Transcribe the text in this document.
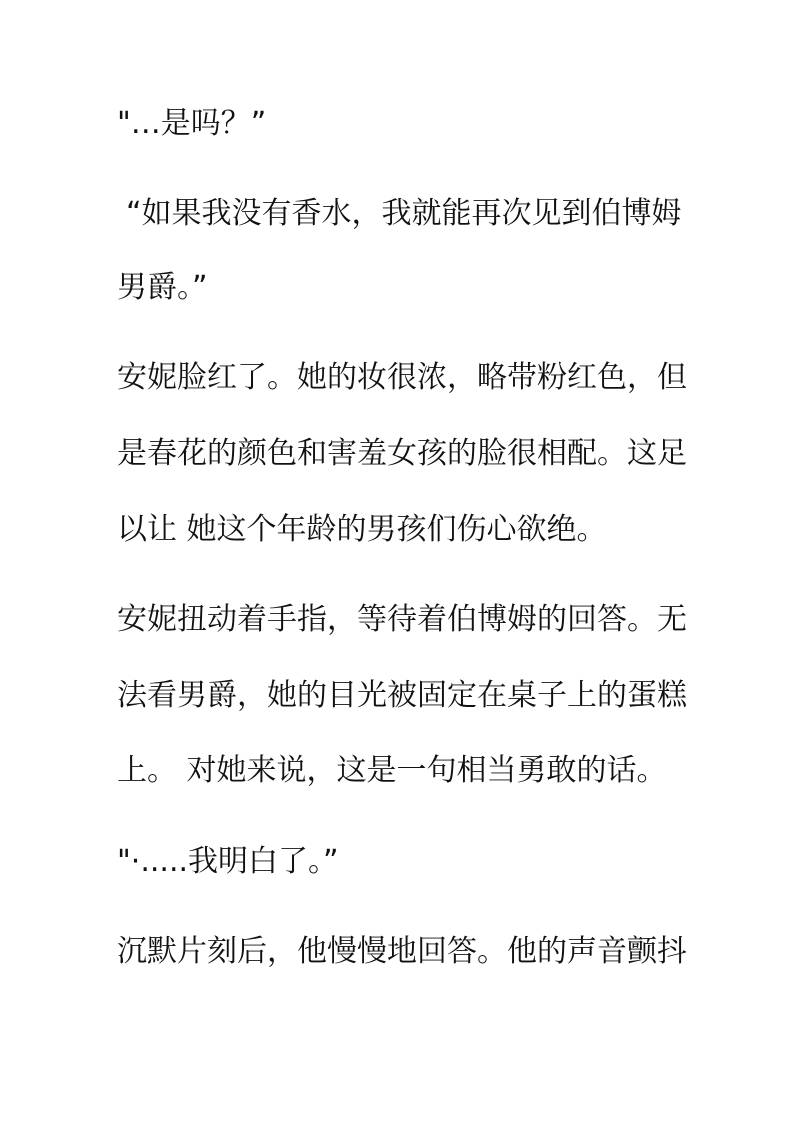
"…是吗？”
“如果我没有香水，我就能再次见到伯博姆
男爵。”
安妮脸红了。她的妆很浓，略带粉红色，但
是春花的颜色和害羞女孩的脸很相配。这足
以让 她这个年龄的男孩们伤心欲绝。
安妮扭动着手指，等待着伯博姆的回答。无
法看男爵，她的目光被固定在桌子上的蛋糕
上。 对她来说，这是一句相当勇敢的话。
"·.....我明白了。”
沉默片刻后，他慢慢地回答。他的声音颤抖
